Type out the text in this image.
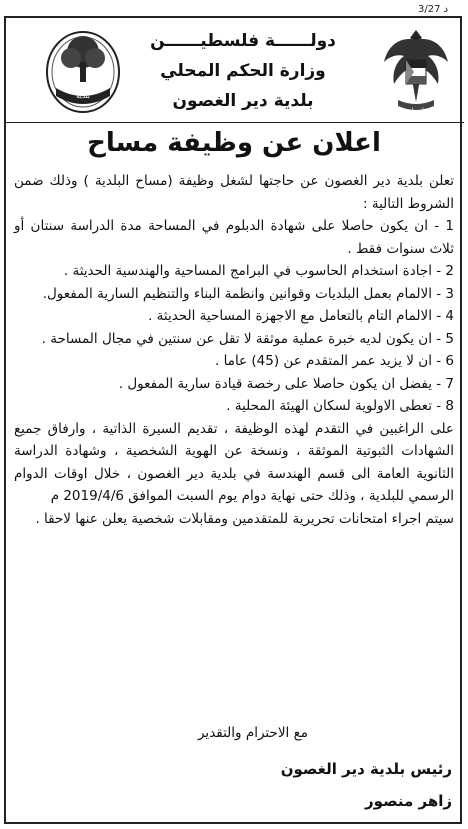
3/27 د
فلسطين
دولــــــة فلسطيــــــن
وزارة الحكم المحلي
بلدية دير الغصون
بلدية
اعلان عن وظيفة مساح

تعلن بلدية دير الغصون عن حاجتها لشغل وظيفة (مساح البلدية ) وذلك ضمن الشروط التالية :

1 - ان يكون حاصلا على شهادة الدبلوم في المساحة مدة الدراسة سنتان أو ثلاث سنوات فقط .

2 - اجادة استخدام الحاسوب في البرامج المساحية والهندسية الحديثة .

3 - الالمام بعمل البلديات وقوانين وانظمة البناء والتنظيم السارية المفعول.

4 - الالمام التام بالتعامل مع الاجهزة المساحية الحديثة .

5 - ان يكون لديه خبرة عملية موثقة لا تقل عن سنتين في مجال المساحة .

6 - ان لا يزيد عمر المتقدم عن (45) عاما .

7 - يفضل ان يكون حاصلا على رخصة قيادة سارية المفعول .

8 - تعطى الاولوية لسكان الهيئة المحلية .

على الراغبين في التقدم لهذه الوظيفة ، تقديم السيرة الذاتية ، وارفاق جميع الشهادات الثبوتية الموثقة ، ونسخة عن الهوية الشخصية ، وشهادة الدراسة الثانوية العامة الى قسم الهندسة في بلدية دير الغصون ، خلال اوقات الدوام الرسمي للبلدية ، وذلك حتى نهاية دوام يوم السبت الموافق 2019/4/6 م

سيتم اجراء امتحانات تحريرية للمتقدمين ومقابلات شخصية يعلن عنها لاحقا .

مع الاحترام والتقدير
رئيس بلدية دير الغصون
زاهر منصور
